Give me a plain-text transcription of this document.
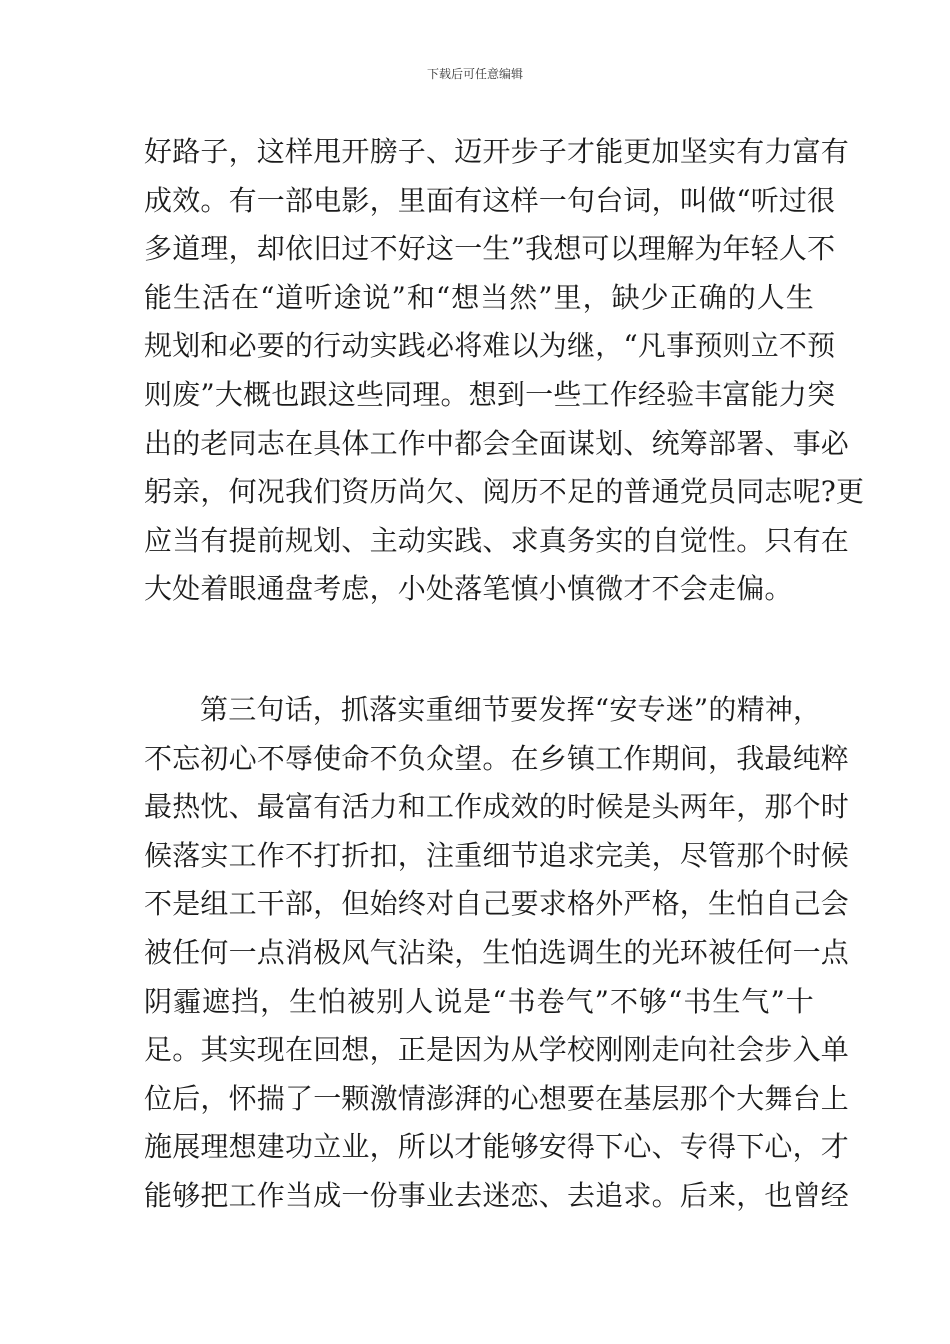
下载后可任意编辑
好路子，这样甩开膀子、迈开步子才能更加坚实有力富有
成效。有一部电影，里面有这样一句台词，叫做“听过很
多道理，却依旧过不好这一生”我想可以理解为年轻人不
能生活在“道听途说”和“想当然”里，缺少正确的人生
规划和必要的行动实践必将难以为继，“凡事预则立不预
则废”大概也跟这些同理。想到一些工作经验丰富能力突
出的老同志在具体工作中都会全面谋划、统筹部署、事必
躬亲，何况我们资历尚欠、阅历不足的普通党员同志呢?更
应当有提前规划、主动实践、求真务实的自觉性。只有在
大处着眼通盘考虑，小处落笔慎小慎微才不会走偏。
第三句话，抓落实重细节要发挥“安专迷”的精神，
不忘初心不辱使命不负众望。在乡镇工作期间，我最纯粹
最热忱、最富有活力和工作成效的时候是头两年，那个时
候落实工作不打折扣，注重细节追求完美，尽管那个时候
不是组工干部，但始终对自己要求格外严格，生怕自己会
被任何一点消极风气沾染，生怕选调生的光环被任何一点
阴霾遮挡，生怕被别人说是“书卷气”不够“书生气”十
足。其实现在回想，正是因为从学校刚刚走向社会步入单
位后，怀揣了一颗激情澎湃的心想要在基层那个大舞台上
施展理想建功立业，所以才能够安得下心、专得下心，才
能够把工作当成一份事业去迷恋、去追求。后来，也曾经
